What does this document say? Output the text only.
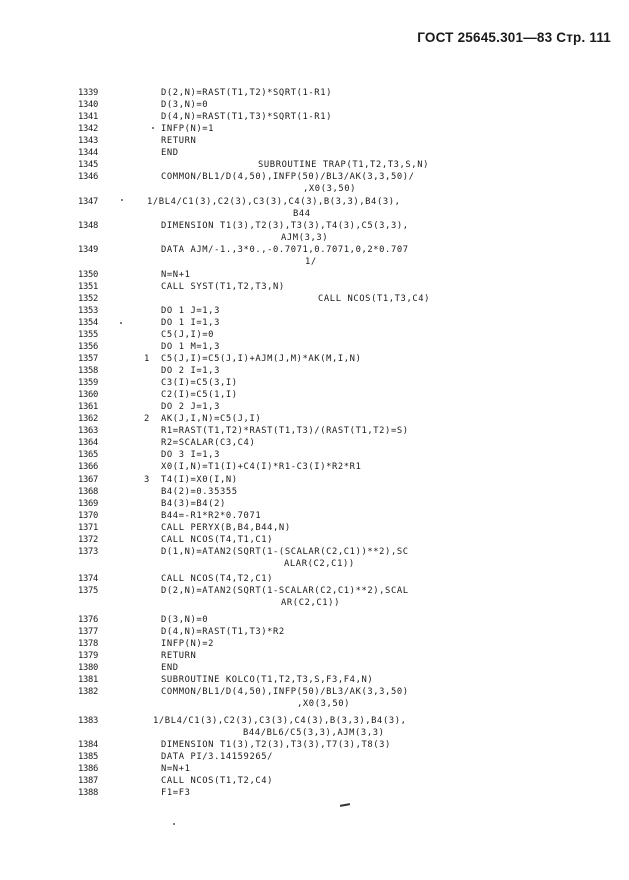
ГОСТ 25645.301—83 Стр. 111
1339	D(2,N)=RAST(T1,T2)*SQRT(1-R1)
1340	D(3,N)=0
1341	D(4,N)=RAST(T1,T3)*SQRT(1-R1)
1342	INFP(N)=1
1343	RETURN
1344	END
1345	SUBROUTINE TRAP(T1,T2,T3,S,N)
1346	COMMON/BL1/D(4,50),INFP(50)/BL3/AK(3,3,50)/
,X0(3,50)
1347	1/BL4/C1(3),C2(3),C3(3),C4(3),B(3,3),B4(3),
B44
1348	DIMENSION T1(3),T2(3),T3(3),T4(3),C5(3,3),
AJM(3,3)
1349	DATA AJM/-1.,3*0.,-0.7071,0.7071,0,2*0.707
1/
1350	N=N+1
1351	CALL SYST(T1,T2,T3,N)
1352	CALL NCOS(T1,T3,C4)
1353	DO 1 J=1,3
1354	DO 1 I=1,3
1355	C5(J,I)=0
1356	DO 1 M=1,3
1357	1 C5(J,I)=C5(J,I)+AJM(J,M)*AK(M,I,N)
1358	DO 2 I=1,3
1359	C3(I)=C5(3,I)
1360	C2(I)=C5(1,I)
1361	DO 2 J=1,3
1362	2 AK(J,I,N)=C5(J,I)
1363	R1=RAST(T1,T2)*RAST(T1,T3)/(RAST(T1,T2)=S)
1364	R2=SCALAR(C3,C4)
1365	DO 3 I=1,3
1366	X0(I,N)=T1(I)+C4(I)*R1-C3(I)*R2*R1
1367	3 T4(I)=X0(I,N)
1368	B4(2)=0.35355
1369	B4(3)=B4(2)
1370	B44=-R1*R2*0.7071
1371	CALL PERYX(B,B4,B44,N)
1372	CALL NCOS(T4,T1,C1)
1373	D(1,N)=ATAN2(SQRT(1-(SCALAR(C2,C1))**2),SC
ALAR(C2,C1))
1374	CALL NCOS(T4,T2,C1)
1375	D(2,N)=ATAN2(SQRT(1-SCALAR(C2,C1)**2),SCAL
AR(C2,C1))
1376	D(3,N)=0
1377	D(4,N)=RAST(T1,T3)*R2
1378	INFP(N)=2
1379	RETURN
1380	END
1381	SUBROUTINE KOLCO(T1,T2,T3,S,F3,F4,N)
1382	COMMON/BL1/D(4,50),INFP(50)/BL3/AK(3,3,50)
,X0(3,50)
1383	1/BL4/C1(3),C2(3),C3(3),C4(3),B(3,3),B4(3),
B44/BL6/C5(3,3),AJM(3,3)
1384	DIMENSION T1(3),T2(3),T3(3),T7(3),T8(3)
1385	DATA PI/3.14159265/
1386	N=N+1
1387	CALL NCOS(T1,T2,C4)
1388	F1=F3
